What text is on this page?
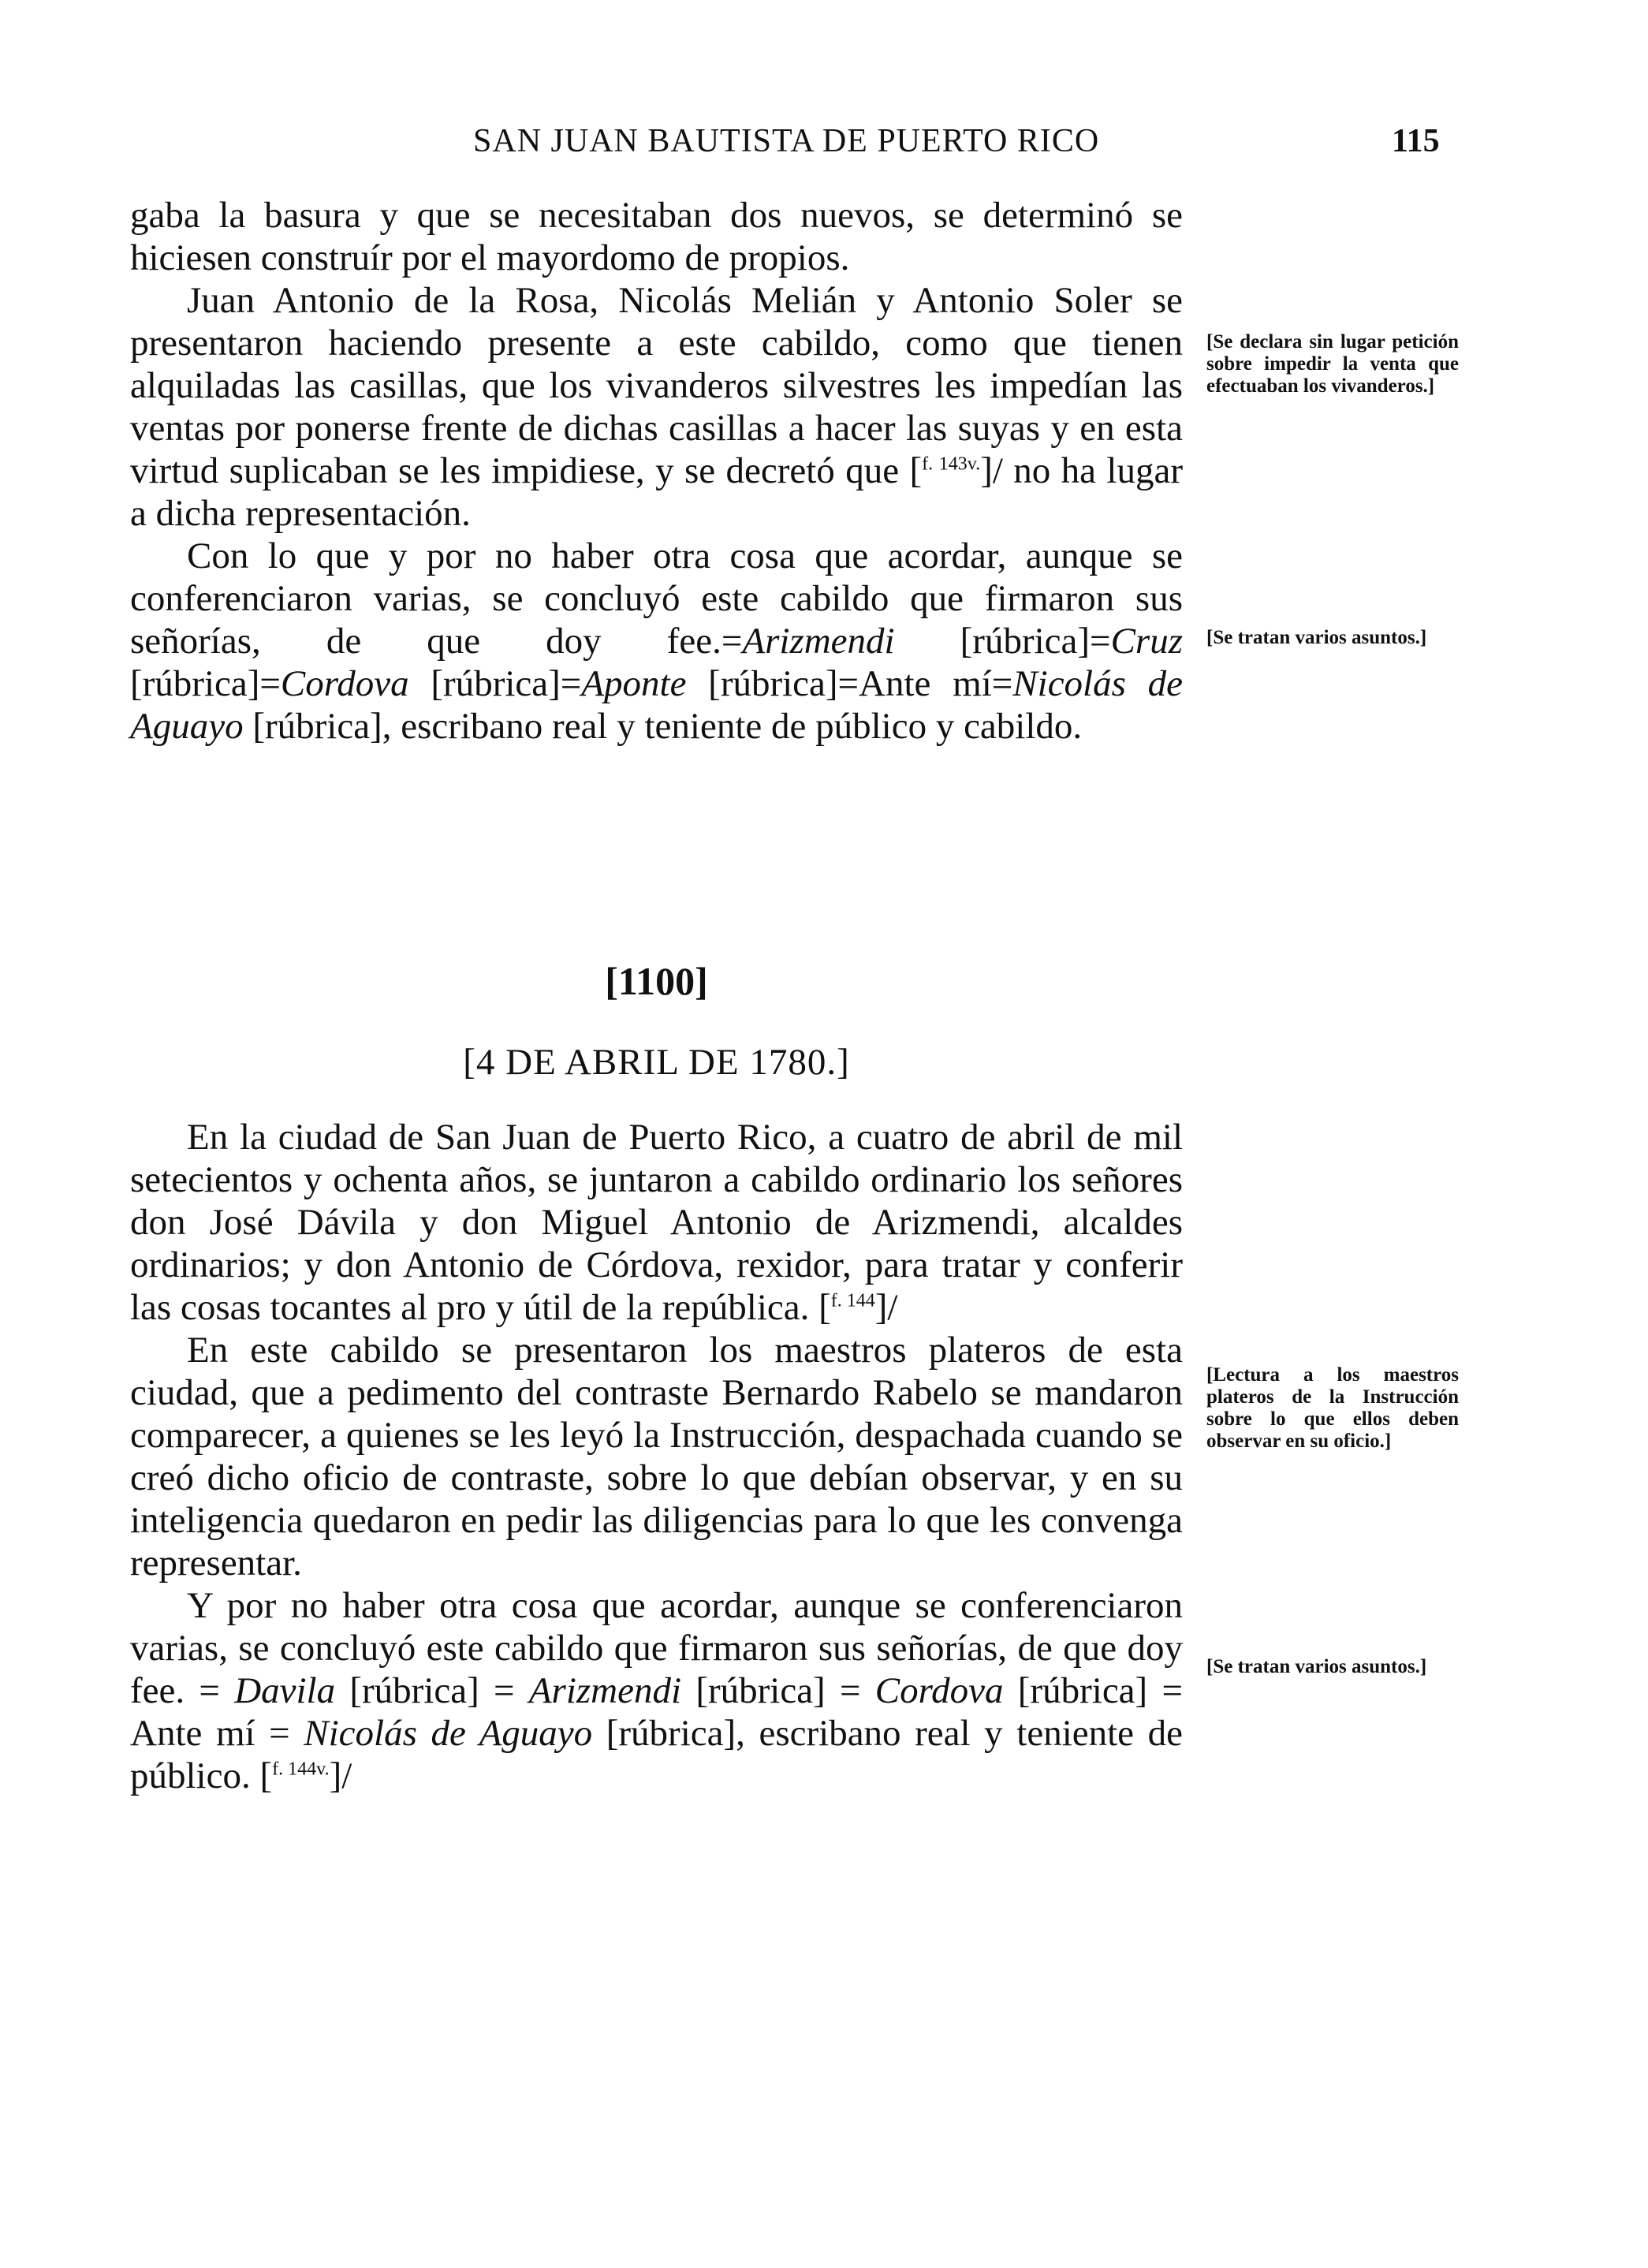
SAN JUAN BAUTISTA DE PUERTO RICO	115

gaba la basura y que se necesitaban dos nuevos, se determinó se hiciesen construír por el mayordomo de propios.

Juan Antonio de la Rosa, Nicolás Melián y Antonio Soler se presentaron haciendo presente a este cabildo, como que tienen alquiladas las casillas, que los vivanderos silvestres les impedían las ventas por ponerse frente de dichas casillas a hacer las suyas y en esta virtud suplicaban se les impidiese, y se decretó que [$^{f. 143v.}$]/ no ha lugar a dicha representación.

Con lo que y por no haber otra cosa que acordar, aunque se conferenciaron varias, se concluyó este cabildo que firmaron sus señorías, de que doy fee.=Arizmendi [rúbrica]=Cruz [rúbrica]=Cordova [rúbrica]=Aponte [rúbrica]=Ante mí=Nicolás de Aguayo [rúbrica], escribano real y teniente de público y cabildo.

[1100]
[4 DE ABRIL DE 1780.]

En la ciudad de San Juan de Puerto Rico, a cuatro de abril de mil setecientos y ochenta años, se juntaron a cabildo ordinario los señores don José Dávila y don Miguel Antonio de Arizmendi, alcaldes ordinarios; y don Antonio de Córdova, rexidor, para tratar y conferir las cosas tocantes al pro y útil de la república. [$^{f. 144}$]/

En este cabildo se presentaron los maestros plateros de esta ciudad, que a pedimento del contraste Bernardo Rabelo se mandaron comparecer, a quienes se les leyó la Instrucción, despachada cuando se creó dicho oficio de contraste, sobre lo que debían observar, y en su inteligencia quedaron en pedir las diligencias para lo que les convenga representar.

Y por no haber otra cosa que acordar, aunque se conferenciaron varias, se concluyó este cabildo que firmaron sus señorías, de que doy fee. = Davila [rúbrica] = Arizmendi [rúbrica] = Cordova [rúbrica] = Ante mí = Nicolás de Aguayo [rúbrica], escribano real y teniente de público. [$^{f. 144v.}$]/

[Se declara sin lugar petición sobre impedir la venta que efectuaban los vivanderos.]
[Se tratan varios asuntos.]
[Lectura a los maestros plateros de la Instrucción sobre lo que ellos deben observar en su oficio.]
[Se tratan varios asuntos.]
